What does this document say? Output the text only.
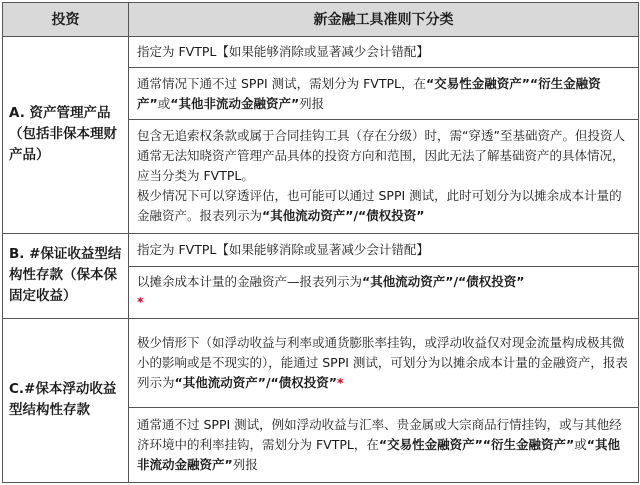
投资	新金融工具准则下分类
A. 资产管理产品（包括非保本理财产品）	指定为 FVTPL【如果能够消除或显著减少会计错配】
	通常情况下通不过 SPPI 测试，需划分为 FVTPL，在“交易性金融资产”“衍生金融资产”或“其他非流动金融资产”列报
	包含无追索权条款或属于合同挂钩工具（存在分级）时，需“穿透”至基础资产。但投资人通常无法知晓资产管理产品具体的投资方向和范围，因此无法了解基础资产的具体情况，应当分类为 FVTPL。
极少情况下可以穿透评估，也可能可以通过 SPPI 测试，此时可划分为以摊余成本计量的金融资产。报表列示为“其他流动资产”/“债权投资”
B. #保证收益型结构性存款（保本保固定收益）	指定为 FVTPL【如果能够消除或显著减少会计错配】
	以摊余成本计量的金融资产—报表列示为“其他流动资产”/“债权投资”
*
C.#保本浮动收益型结构性存款	极少情形下（如浮动收益与利率或通货膨胀率挂钩，或浮动收益仅对现金流量构成极其微小的影响或是不现实的），能通过 SPPI 测试，可划分为以摊余成本计量的金融资产，报表列示为“其他流动资产”/“债权投资”*
	通常通不过 SPPI 测试，例如浮动收益与汇率、贵金属或大宗商品行情挂钩，或与其他经济环境中的利率挂钩，需划分为 FVTPL，在“交易性金融资产”“衍生金融资产”或“其他非流动金融资产”列报
